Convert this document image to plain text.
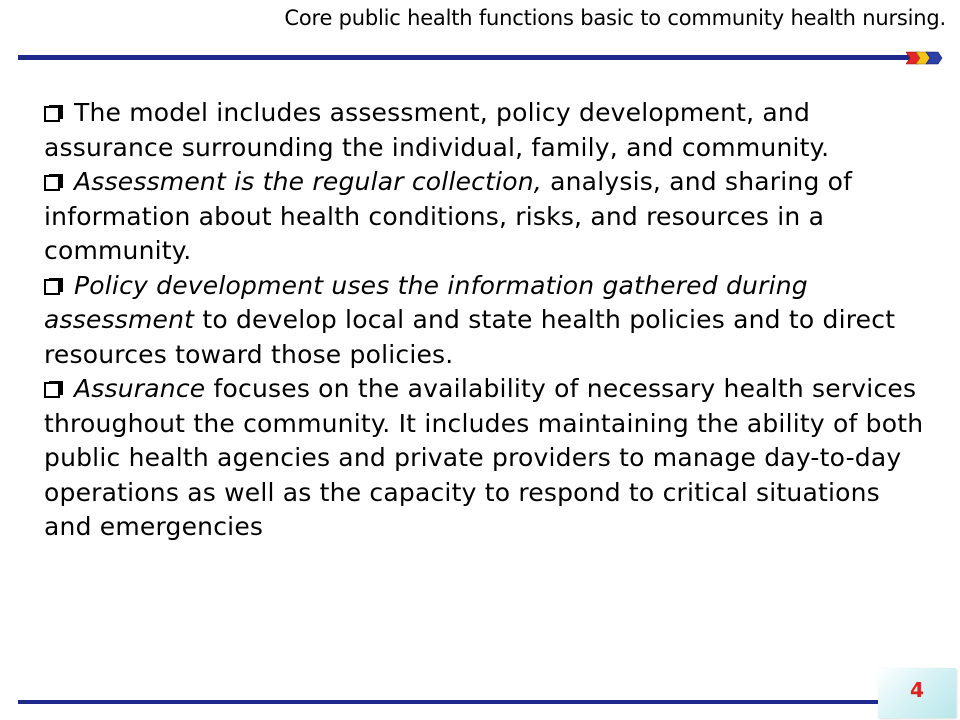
Core public health functions basic to community health nursing.

The model includes assessment, policy development, and assurance surrounding the individual, family, and community.

Assessment is the regular collection, analysis, and sharing of information about health conditions, risks, and resources in a community.

Policy development uses the information gathered during assessment to develop local and state health policies and to direct resources toward those policies.

Assurance focuses on the availability of necessary health services throughout the community. It includes maintaining the ability of both public health agencies and private providers to manage day-to-day operations as well as the capacity to respond to critical situations and emergencies

4
